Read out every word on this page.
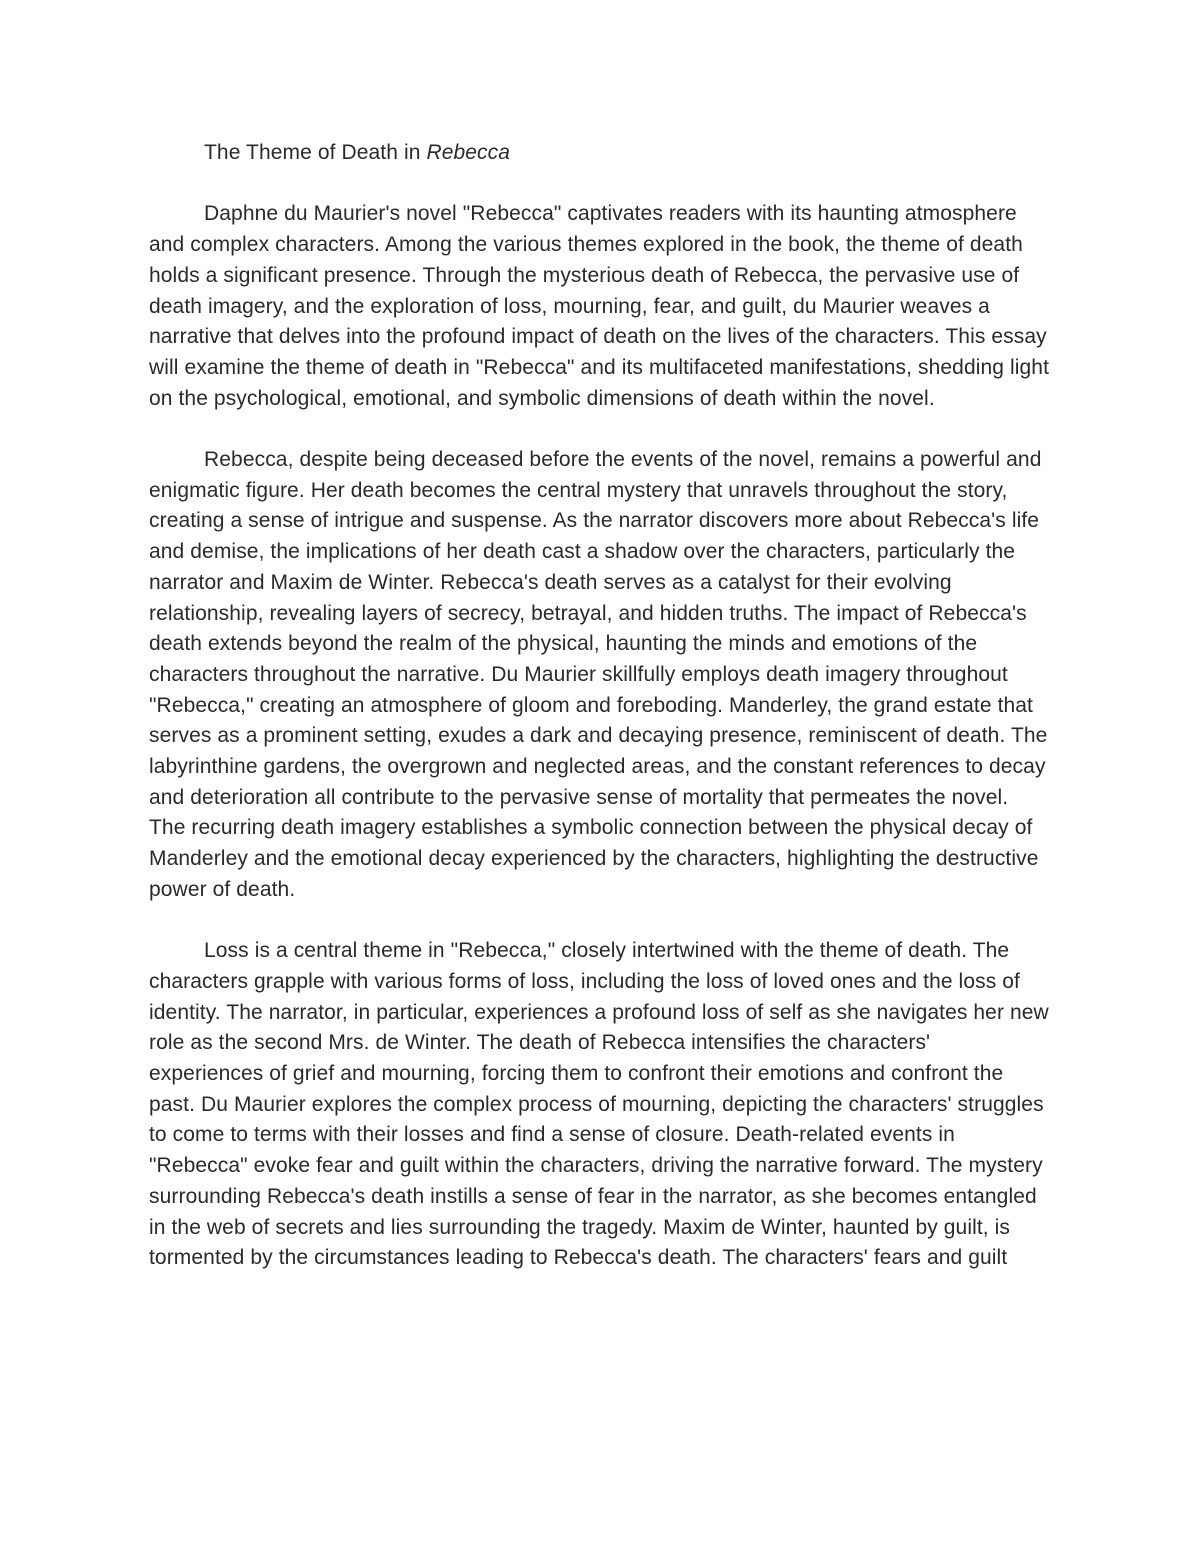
The Theme of Death in Rebecca

Daphne du Maurier's novel "Rebecca" captivates readers with its haunting atmosphere and complex characters. Among the various themes explored in the book, the theme of death holds a significant presence. Through the mysterious death of Rebecca, the pervasive use of death imagery, and the exploration of loss, mourning, fear, and guilt, du Maurier weaves a narrative that delves into the profound impact of death on the lives of the characters. This essay will examine the theme of death in "Rebecca" and its multifaceted manifestations, shedding light on the psychological, emotional, and symbolic dimensions of death within the novel.

Rebecca, despite being deceased before the events of the novel, remains a powerful and enigmatic figure. Her death becomes the central mystery that unravels throughout the story, creating a sense of intrigue and suspense. As the narrator discovers more about Rebecca's life and demise, the implications of her death cast a shadow over the characters, particularly the narrator and Maxim de Winter. Rebecca's death serves as a catalyst for their evolving relationship, revealing layers of secrecy, betrayal, and hidden truths. The impact of Rebecca's death extends beyond the realm of the physical, haunting the minds and emotions of the characters throughout the narrative. Du Maurier skillfully employs death imagery throughout "Rebecca," creating an atmosphere of gloom and foreboding. Manderley, the grand estate that serves as a prominent setting, exudes a dark and decaying presence, reminiscent of death. The labyrinthine gardens, the overgrown and neglected areas, and the constant references to decay and deterioration all contribute to the pervasive sense of mortality that permeates the novel. The recurring death imagery establishes a symbolic connection between the physical decay of Manderley and the emotional decay experienced by the characters, highlighting the destructive power of death.

Loss is a central theme in "Rebecca," closely intertwined with the theme of death. The characters grapple with various forms of loss, including the loss of loved ones and the loss of identity. The narrator, in particular, experiences a profound loss of self as she navigates her new role as the second Mrs. de Winter. The death of Rebecca intensifies the characters' experiences of grief and mourning, forcing them to confront their emotions and confront the past. Du Maurier explores the complex process of mourning, depicting the characters' struggles to come to terms with their losses and find a sense of closure. Death-related events in "Rebecca" evoke fear and guilt within the characters, driving the narrative forward. The mystery surrounding Rebecca's death instills a sense of fear in the narrator, as she becomes entangled in the web of secrets and lies surrounding the tragedy. Maxim de Winter, haunted by guilt, is tormented by the circumstances leading to Rebecca's death. The characters' fears and guilt
